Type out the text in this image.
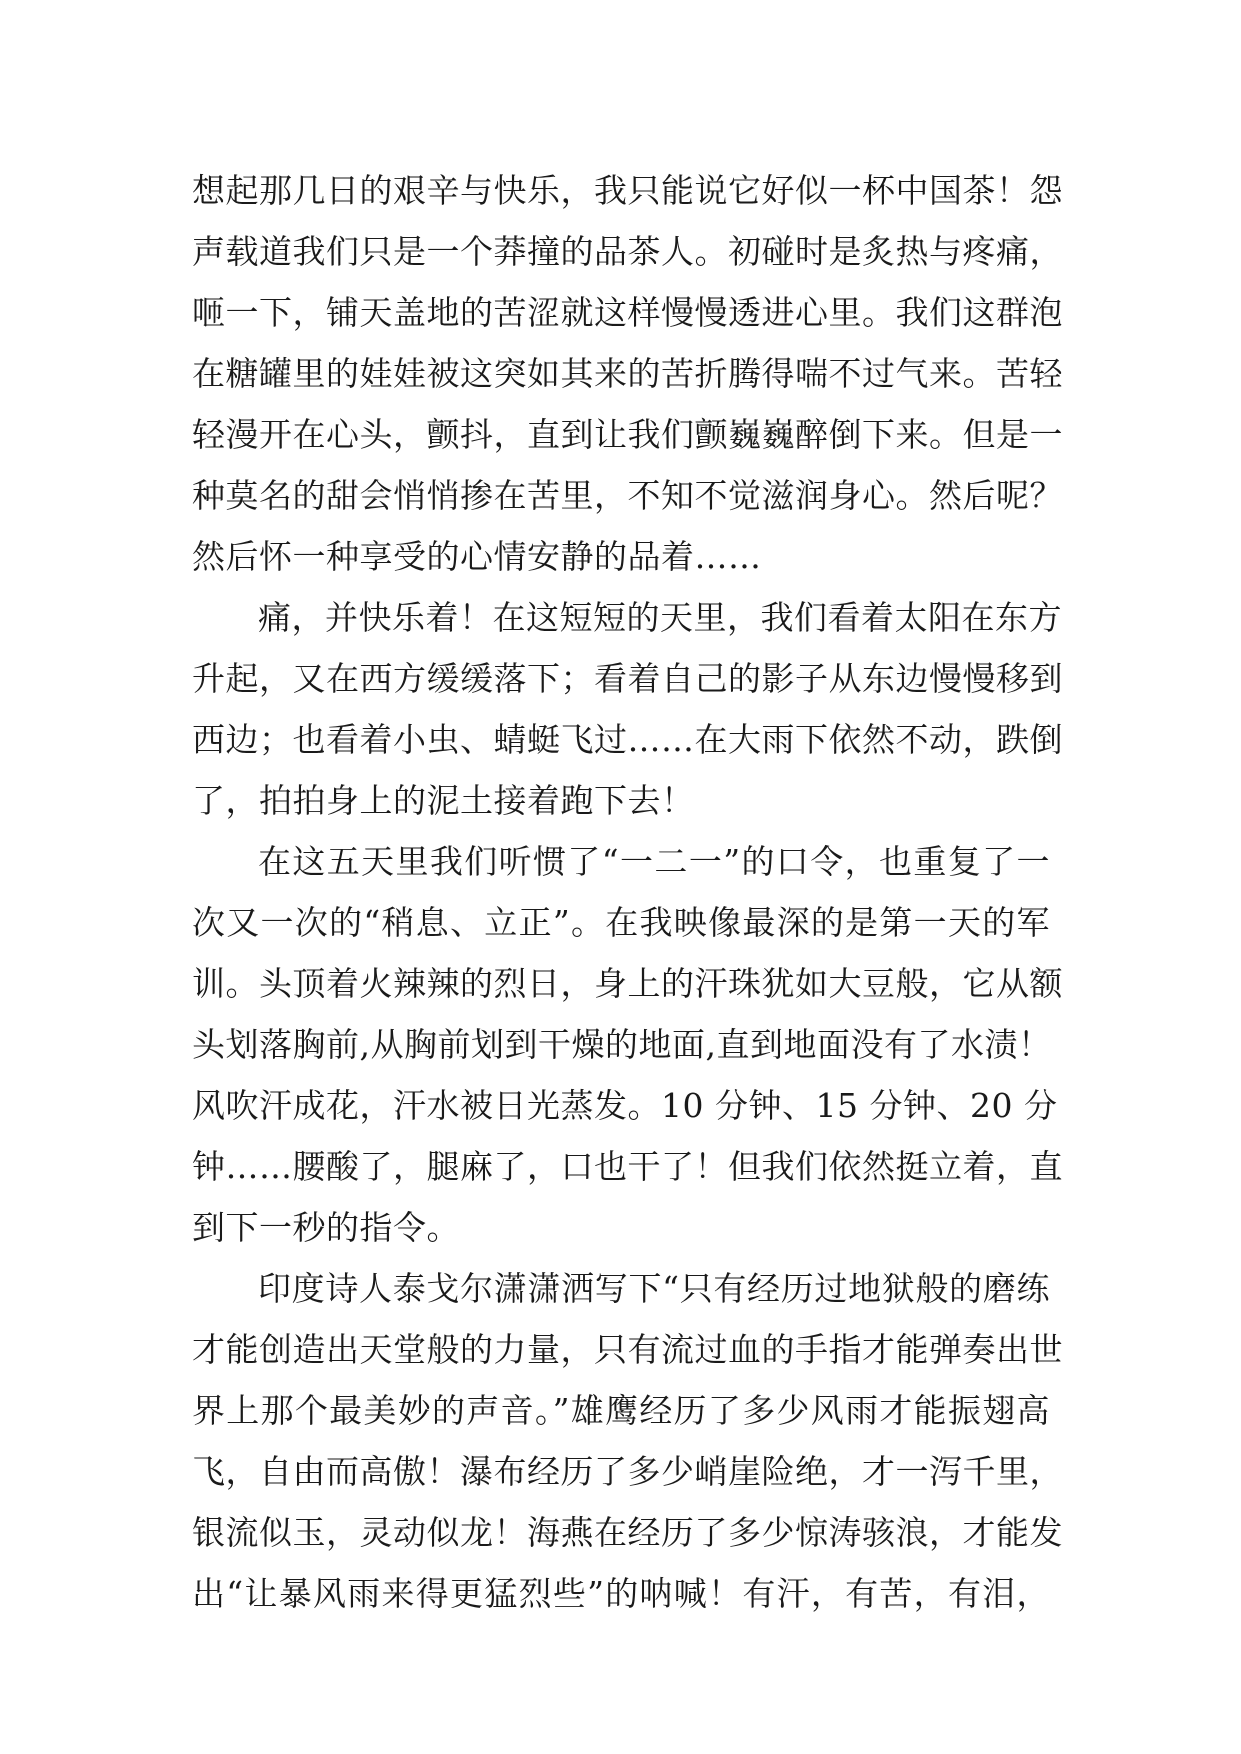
想起那几日的艰辛与快乐，我只能说它好似一杯中国茶！怨
声载道我们只是一个莽撞的品茶人。初碰时是炙热与疼痛，
咂一下，铺天盖地的苦涩就这样慢慢透进心里。我们这群泡
在糖罐里的娃娃被这突如其来的苦折腾得喘不过气来。苦轻
轻漫开在心头，颤抖，直到让我们颤巍巍醉倒下来。但是一
种莫名的甜会悄悄掺在苦里，不知不觉滋润身心。然后呢？
然后怀一种享受的心情安静的品着……
痛，并快乐着！在这短短的天里，我们看着太阳在东方
升起，又在西方缓缓落下；看着自己的影子从东边慢慢移到
西边；也看着小虫、蜻蜓飞过……在大雨下依然不动，跌倒
了，拍拍身上的泥土接着跑下去！
在这五天里我们听惯了“一二一”的口令，也重复了一
次又一次的“稍息、立正”。在我映像最深的是第一天的军
训。头顶着火辣辣的烈日，身上的汗珠犹如大豆般，它从额
头划落胸前,从胸前划到干燥的地面,直到地面没有了水渍！
风吹汗成花，汗水被日光蒸发。10 分钟、15 分钟、20 分
钟……腰酸了，腿麻了，口也干了！但我们依然挺立着，直
到下一秒的指令。
印度诗人泰戈尔潇潇洒写下“只有经历过地狱般的磨练
才能创造出天堂般的力量，只有流过血的手指才能弹奏出世
界上那个最美妙的声音。”雄鹰经历了多少风雨才能振翅高
飞，自由而高傲！瀑布经历了多少峭崖险绝，才一泻千里，
银流似玉，灵动似龙！海燕在经历了多少惊涛骇浪，才能发
出“让暴风雨来得更猛烈些”的呐喊！有汗，有苦，有泪，
